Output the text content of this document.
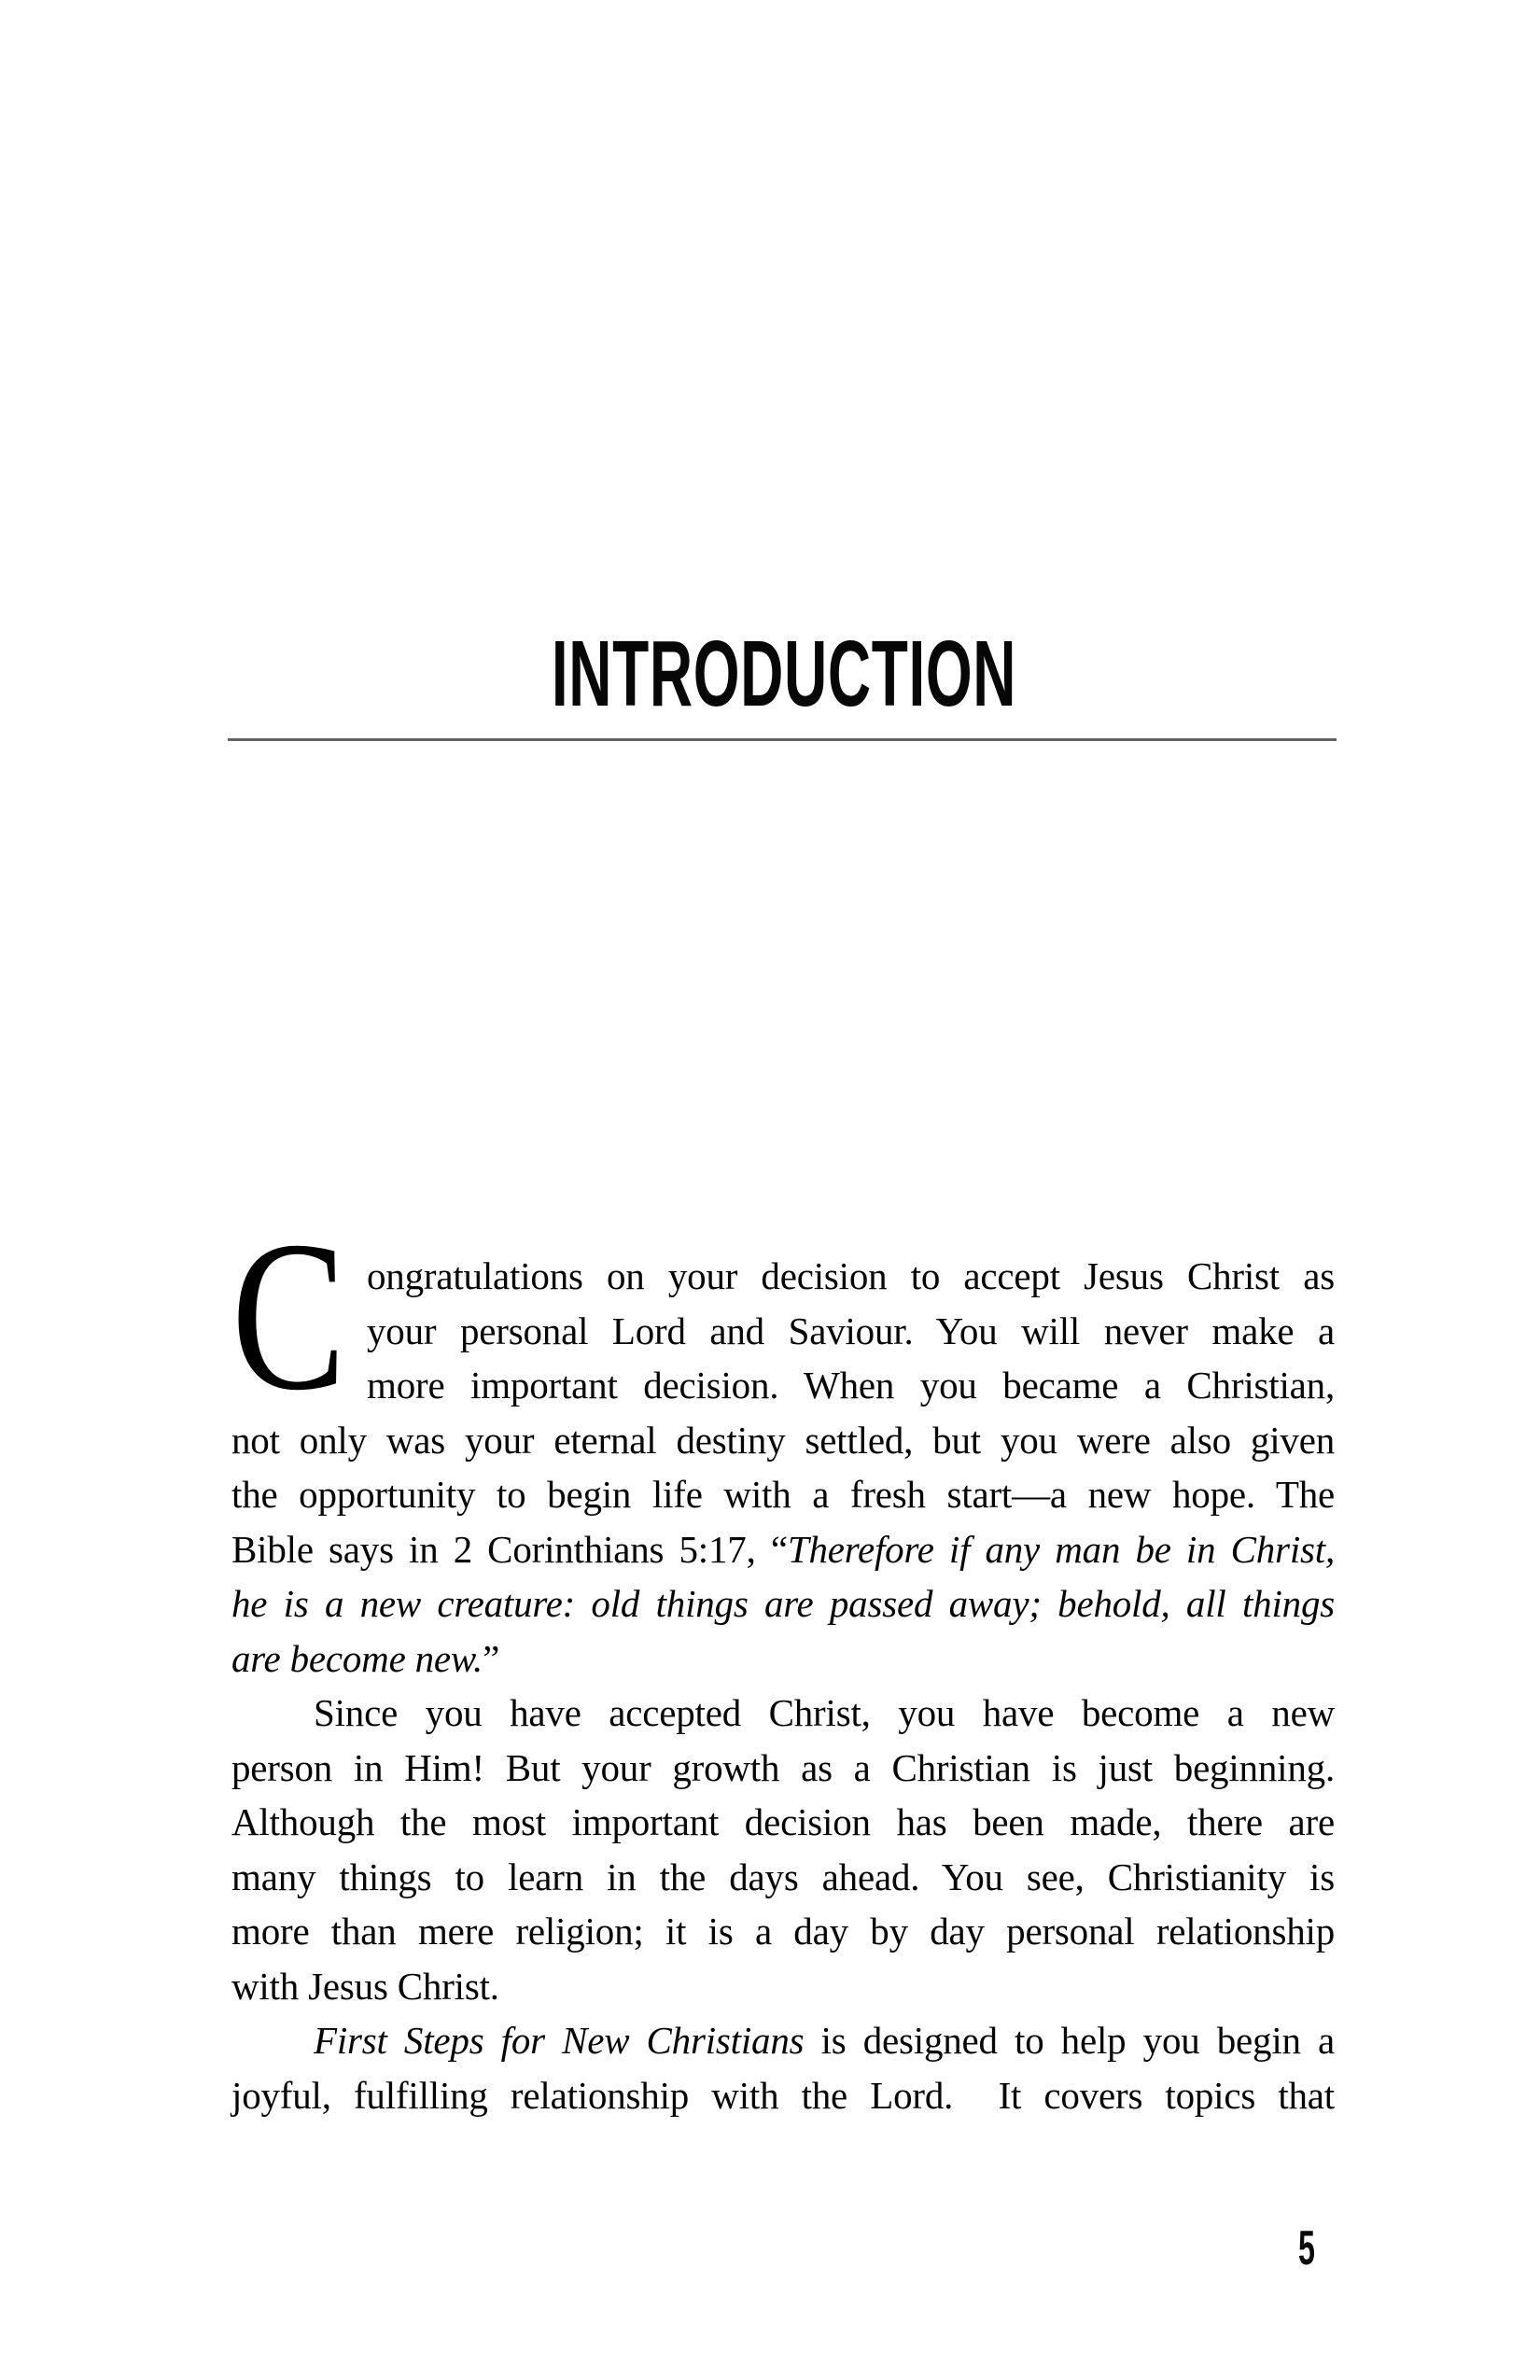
INTRODUCTION
C ongratulations on your decision to accept Jesus Christ as
your personal Lord and Saviour. You will never make a
more important decision. When you became a Christian,
not only was your eternal destiny settled, but you were also given
the opportunity to begin life with a fresh start—a new hope. The
Bible says in 2 Corinthians 5:17, “Therefore if any man be in Christ,
he is a new creature: old things are passed away; behold, all things
are become new.”
Since you have accepted Christ, you have become a new
person in Him! But your growth as a Christian is just beginning.
Although the most important decision has been made, there are
many things to learn in the days ahead. You see, Christianity is
more than mere religion; it is a day by day personal relationship
with Jesus Christ.
First Steps for New Christians is designed to help you begin a
joyful, fulfilling relationship with the Lord.  It covers topics that
5
